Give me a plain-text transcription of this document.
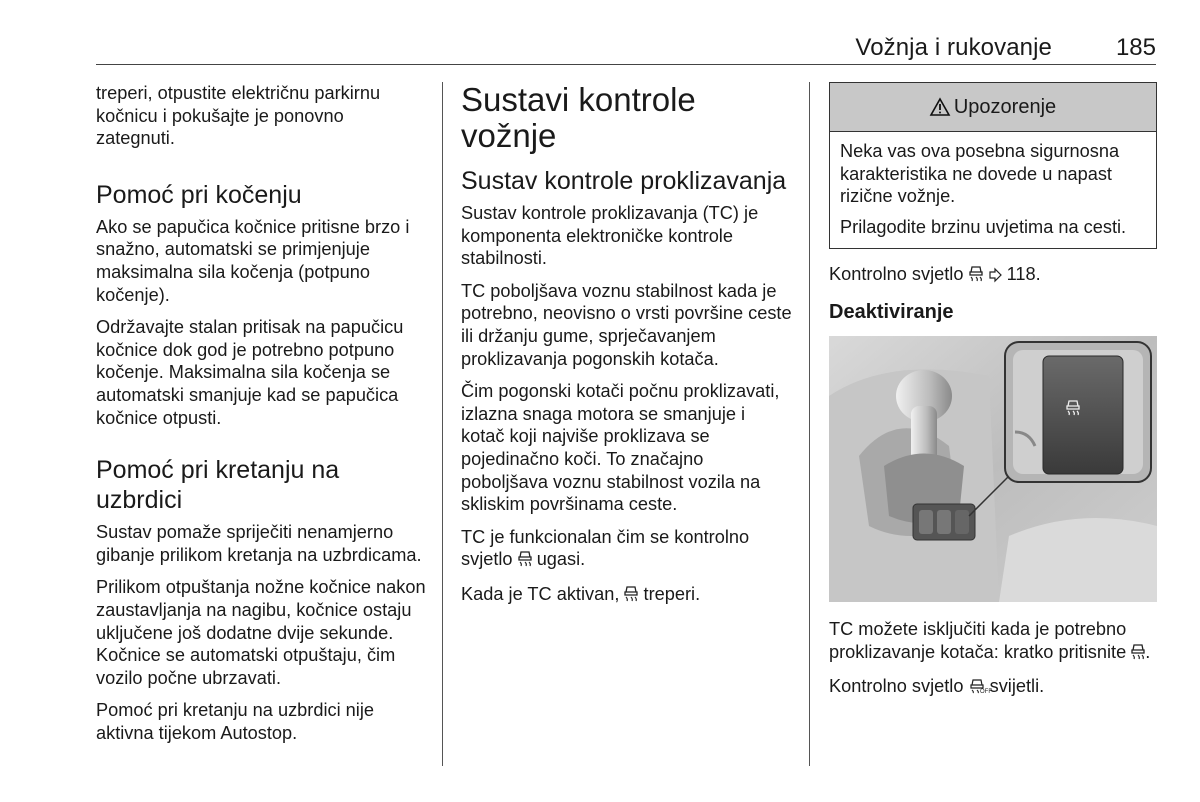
Vožnja i rukovanje	185

treperi, otpustite električnu parkirnu kočnicu i pokušajte je ponovno zategnuti.

Pomoć pri kočenju

Ako se papučica kočnice pritisne brzo i snažno, automatski se primjenjuje maksimalna sila kočenja (potpuno kočenje).

Održavajte stalan pritisak na papučicu kočnice dok god je potrebno potpuno kočenje. Maksimalna sila kočenja se automatski smanjuje kad se papučica kočnice otpusti.

Pomoć pri kretanju na uzbrdici

Sustav pomaže spriječiti nenamjerno gibanje prilikom kretanja na uzbrdicama.

Prilikom otpuštanja nožne kočnice nakon zaustavljanja na nagibu, kočnice ostaju uključene još dodatne dvije sekunde. Kočnice se automatski otpuštaju, čim vozilo počne ubrzavati.

Pomoć pri kretanju na uzbrdici nije aktivna tijekom Autostop.

Sustavi kontrole vožnje
Sustav kontrole proklizavanja

Sustav kontrole proklizavanja (TC) je komponenta elektroničke kontrole stabilnosti.

TC poboljšava voznu stabilnost kada je potrebno, neovisno o vrsti površine ceste ili držanju gume, sprječavanjem proklizavanja pogonskih kotača.

Čim pogonski kotači počnu proklizavati, izlazna snaga motora se smanjuje i kotač koji najviše proklizava se pojedinačno koči. To značajno poboljšava voznu stabilnost vozila na skliskim površinama ceste.

TC je funkcionalan čim se kontrolno svjetlo ugasi.

Kada je TC aktivan, treperi.

Upozorenje

Neka vas ova posebna sigurnosna karakteristika ne dovede u napast rizične vožnje.

Prilagodite brzinu uvjetima na cesti.

Kontrolno svjetlo 118.

Deaktiviranje

TC možete isključiti kada je potrebno proklizavanje kotača: kratko pritisnite .

Kontrolno svjetlo	OFF
svijetli.
